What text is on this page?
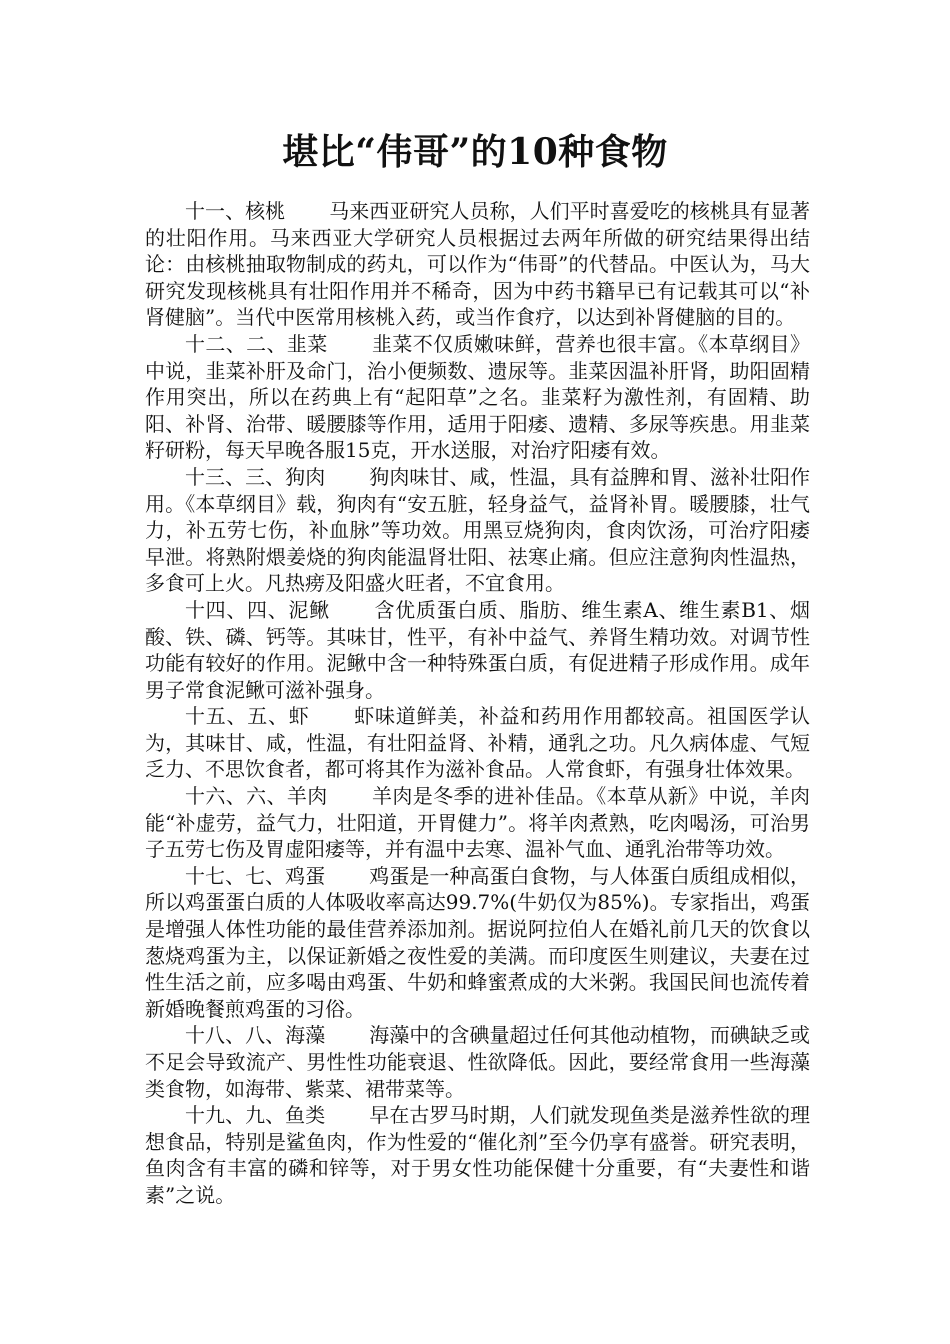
堪比“伟哥”的10种食物

十一、核桃 马来西亚研究人员称，人们平时喜爱吃的核桃具有显著的壮阳作用。马来西亚大学研究人员根据过去两年所做的研究结果得出结论：由核桃抽取物制成的药丸，可以作为“伟哥”的代替品。中医认为，马大研究发现核桃具有壮阳作用并不稀奇，因为中药书籍早已有记载其可以“补肾健脑”。当代中医常用核桃入药，或当作食疗，以达到补肾健脑的目的。

十二、二、韭菜 韭菜不仅质嫩味鲜，营养也很丰富。《本草纲目》中说，韭菜补肝及命门，治小便频数、遗尿等。韭菜因温补肝肾，助阳固精作用突出，所以在药典上有“起阳草”之名。韭菜籽为激性剂，有固精、助阳、补肾、治带、暖腰膝等作用，适用于阳痿、遗精、多尿等疾患。用韭菜籽研粉，每天早晚各服15克，开水送服，对治疗阳痿有效。

十三、三、狗肉 狗肉味甘、咸，性温，具有益脾和胃、滋补壮阳作用。《本草纲目》载，狗肉有“安五脏，轻身益气，益肾补胃。暖腰膝，壮气力，补五劳七伤，补血脉”等功效。用黑豆烧狗肉，食肉饮汤，可治疗阳痿早泄。将熟附煨姜烧的狗肉能温肾壮阳、祛寒止痛。但应注意狗肉性温热，多食可上火。凡热痨及阳盛火旺者，不宜食用。

十四、四、泥鳅 含优质蛋白质、脂肪、维生素A、维生素B1、烟酸、铁、磷、钙等。其味甘，性平，有补中益气、养肾生精功效。对调节性功能有较好的作用。泥鳅中含一种特殊蛋白质，有促进精子形成作用。成年男子常食泥鳅可滋补强身。

十五、五、虾 虾味道鲜美，补益和药用作用都较高。祖国医学认为，其味甘、咸，性温，有壮阳益肾、补精，通乳之功。凡久病体虚、气短乏力、不思饮食者，都可将其作为滋补食品。人常食虾，有强身壮体效果。

十六、六、羊肉 羊肉是冬季的进补佳品。《本草从新》中说，羊肉能“补虚劳，益气力，壮阳道，开胃健力”。将羊肉煮熟，吃肉喝汤，可治男子五劳七伤及胃虚阳痿等，并有温中去寒、温补气血、通乳治带等功效。

十七、七、鸡蛋 鸡蛋是一种高蛋白食物，与人体蛋白质组成相似，所以鸡蛋蛋白质的人体吸收率高达99.7%(牛奶仅为85%)。专家指出，鸡蛋是增强人体性功能的最佳营养添加剂。据说阿拉伯人在婚礼前几天的饮食以葱烧鸡蛋为主，以保证新婚之夜性爱的美满。而印度医生则建议，夫妻在过性生活之前，应多喝由鸡蛋、牛奶和蜂蜜煮成的大米粥。我国民间也流传着新婚晚餐煎鸡蛋的习俗。

十八、八、海藻 海藻中的含碘量超过任何其他动植物，而碘缺乏或不足会导致流产、男性性功能衰退、性欲降低。因此，要经常食用一些海藻类食物，如海带、紫菜、裙带菜等。

十九、九、鱼类 早在古罗马时期，人们就发现鱼类是滋养性欲的理想食品，特别是鲨鱼肉，作为性爱的“催化剂”至今仍享有盛誉。研究表明，鱼肉含有丰富的磷和锌等，对于男女性功能保健十分重要，有“夫妻性和谐素”之说。
